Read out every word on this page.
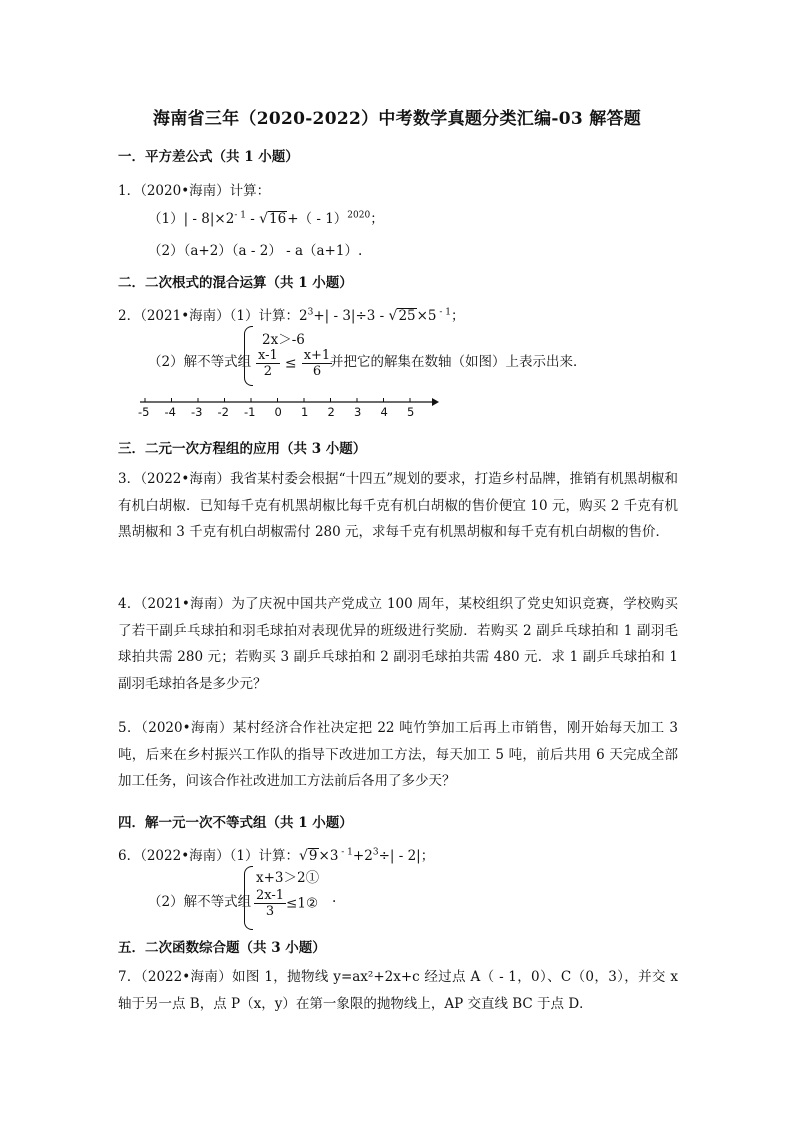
海南省三年（2020-2022）中考数学真题分类汇编-03 解答题
一．平方差公式（共 1 小题）
1．（2020•海南）计算：
$(1)| - 8|\times 2^{- 1} - √16+( - 1)^{2020}$；
（2）（a+2）（a - 2） - a（a+1）.
二．二次根式的混合运算（共 1 小题）
2．（2021•海南）（1）计算：$2^3+| - 3|\div 3 - √25\times 5$ $^{- 1}$；
（2）解不等式组
2x＞-6
$\frac{x-1}{2} \le \frac{x+1}{6}$
并把它的解集在数轴（如图）上表示出来．
-5 -4 -3 -2 -1 0 1 2 3 4 5
三．二元一次方程组的应用（共 3 小题）
3．（2022•海南）我省某村委会根据“十四五”规划的要求，打造乡村品牌，推销有机黑胡椒和有机白胡椒．已知每千克有机黑胡椒比每千克有机白胡椒的售价便宜 10 元，购买 2 千克有机黑胡椒和 3 千克有机白胡椒需付 280 元，求每千克有机黑胡椒和每千克有机白胡椒的售价．
4．（2021•海南）为了庆祝中国共产党成立 100 周年，某校组织了党史知识竞赛，学校购买了若干副乒乓球拍和羽毛球拍对表现优异的班级进行奖励．若购买 2 副乒乓球拍和 1 副羽毛球拍共需 280 元；若购买 3 副乒乓球拍和 2 副羽毛球拍共需 480 元．求 1 副乒乓球拍和 1 副羽毛球拍各是多少元？
5．（2020•海南）某村经济合作社决定把 22 吨竹笋加工后再上市销售，刚开始每天加工 3 吨，后来在乡村振兴工作队的指导下改进加工方法，每天加工 5 吨，前后共用 6 天完成全部加工任务，问该合作社改进加工方法前后各用了多少天？
四．解一元一次不等式组（共 1 小题）
6．（2022•海南）（1）计算：√9×3 $^{- 1}+2^3\div| - 2|$；
（2）解不等式组
x+3＞2①
$\frac{2x-1}{3}$ ≤1② .
五．二次函数综合题（共 3 小题）
7．（2022•海南）如图 1，抛物线 y=ax²+2x+c 经过点 A（ - 1，0）、C（0，3），并交 x 轴于另一点 B，点 P（x，y）在第一象限的抛物线上，AP 交直线 BC 于点 D．
